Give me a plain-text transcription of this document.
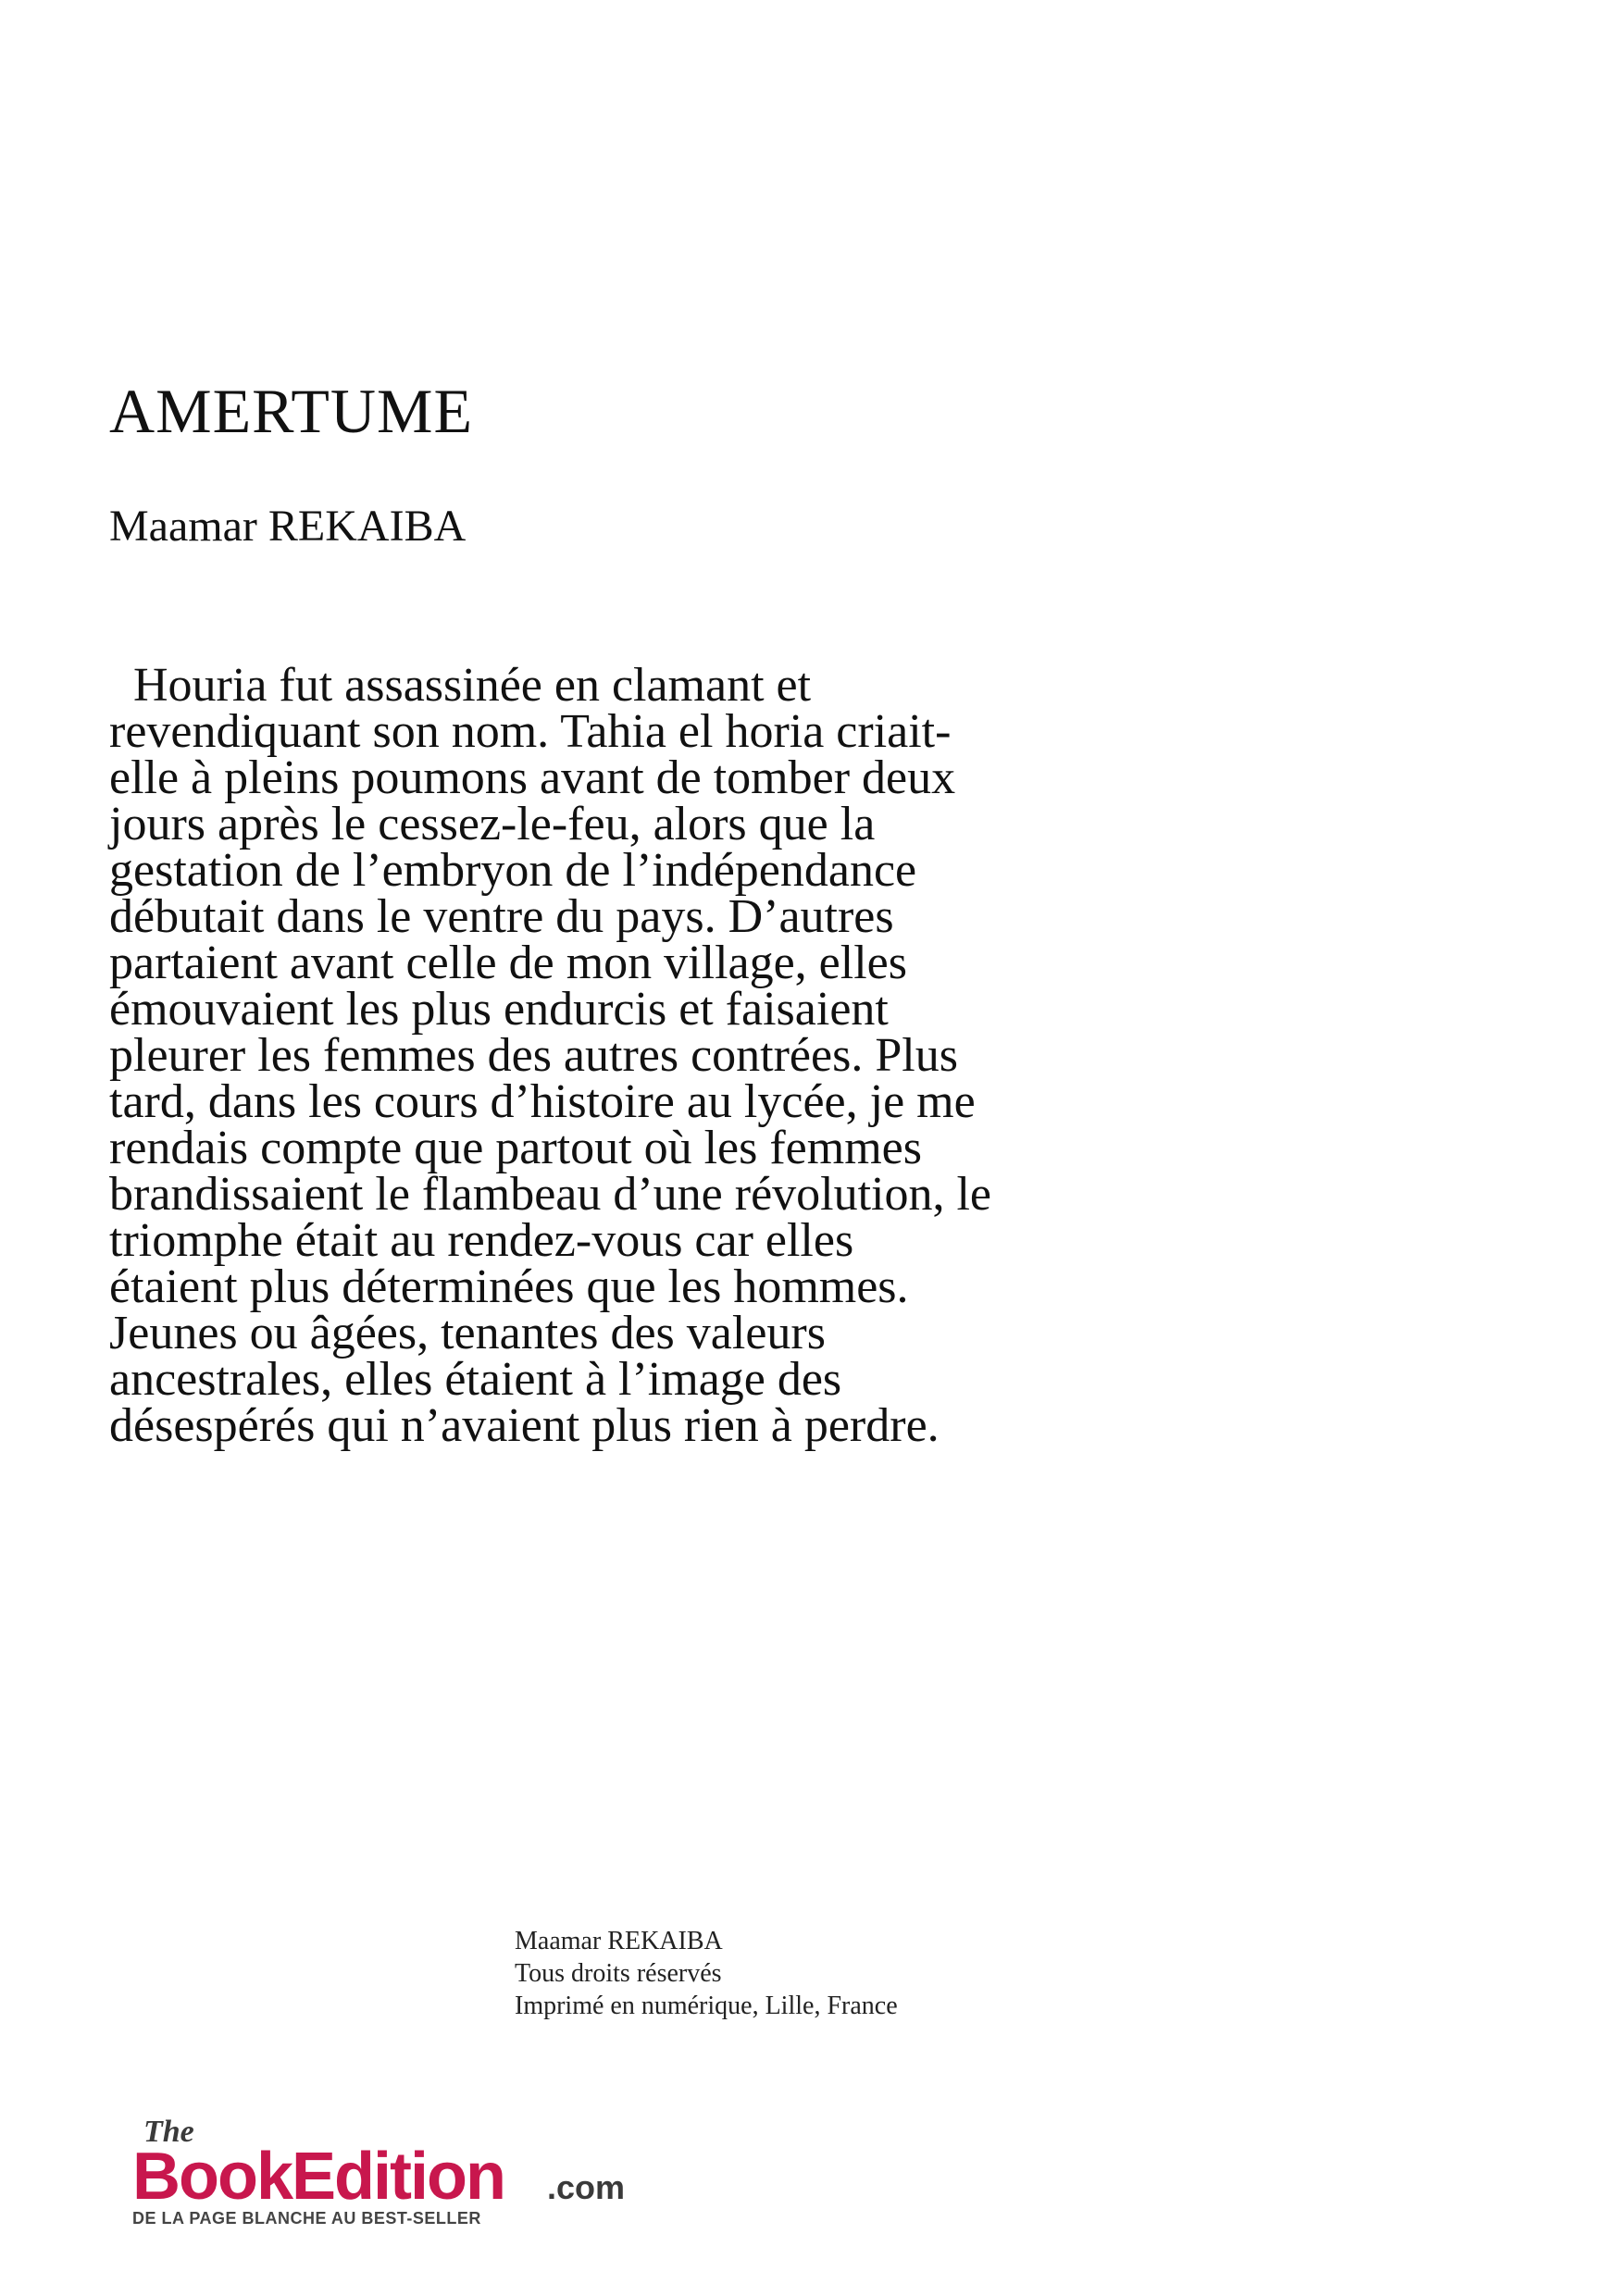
AMERTUME
Maamar REKAIBA
Houria fut assassinée en clamant et
revendiquant son nom. Tahia el horia criait-
elle à pleins poumons avant de tomber deux
jours après le cessez-le-feu, alors que la
gestation de l’embryon de l’indépendance
débutait dans le ventre du pays. D’autres
partaient avant celle de mon village, elles
émouvaient les plus endurcis et faisaient
pleurer les femmes des autres contrées. Plus
tard, dans les cours d’histoire au lycée, je me
rendais compte que partout où les femmes
brandissaient le flambeau d’une révolution, le
triomphe était au rendez-vous car elles
étaient plus déterminées que les hommes.
Jeunes ou âgées, tenantes des valeurs
ancestrales, elles étaient à l’image des
désespérés qui n’avaient plus rien à perdre.
Maamar REKAIBA
Tous droits réservés
Imprimé en numérique, Lille, France
The
BookEdition .com
DE LA PAGE BLANCHE AU BEST-SELLER
